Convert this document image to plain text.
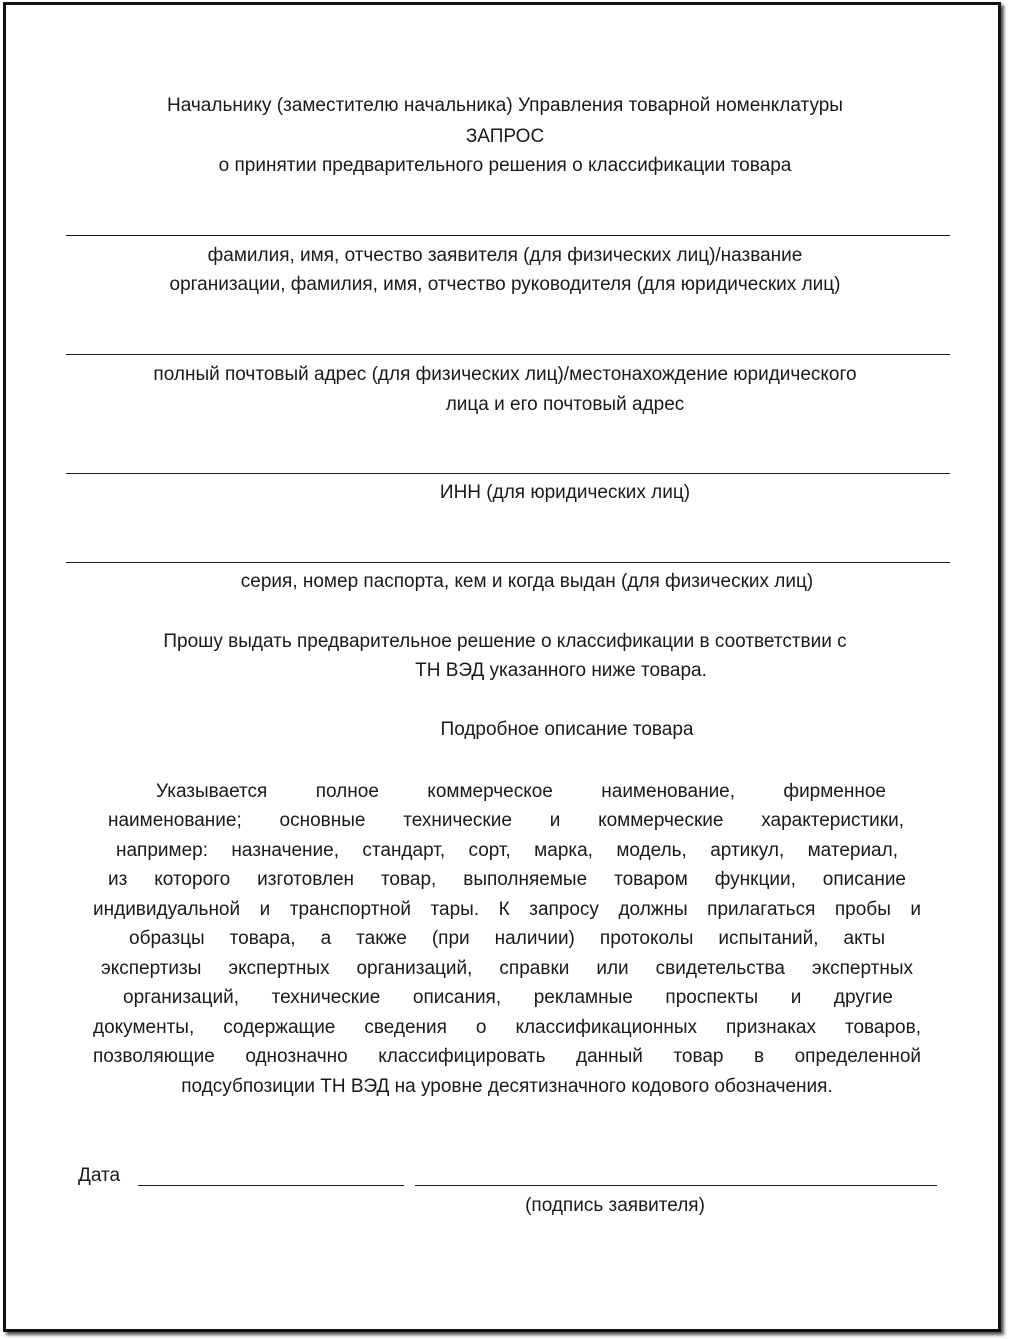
Начальнику (заместителю начальника) Управления товарной номенклатуры
ЗАПРОС
о принятии предварительного решения о классификации товара
фамилия, имя, отчество заявителя (для физических лиц)/название
организации, фамилия, имя, отчество руководителя (для юридических лиц)
полный почтовый адрес (для физических лиц)/местонахождение юридического
лица и его почтовый адрес
ИНН (для юридических лиц)
серия, номер паспорта, кем и когда выдан (для физических лиц)
Прошу выдать предварительное решение о классификации в соответствии с
ТН ВЭД указанного ниже товара.
Подробное описание товара
Указывается полное коммерческое наименование, фирменное
наименование; основные технические и коммерческие характеристики,
например: назначение, стандарт, сорт, марка, модель, артикул, материал,
из которого изготовлен товар, выполняемые товаром функции, описание
индивидуальной и транспортной тары. К запросу должны прилагаться пробы и
образцы товара, а также (при наличии) протоколы испытаний, акты
экспертизы экспертных организаций, справки или свидетельства экспертных
организаций, технические описания, рекламные проспекты и другие
документы, содержащие сведения о классификационных признаках товаров,
позволяющие однозначно классифицировать данный товар в определенной
подсубпозиции ТН ВЭД на уровне десятизначного кодового обозначения.
Дата
(подпись заявителя)
